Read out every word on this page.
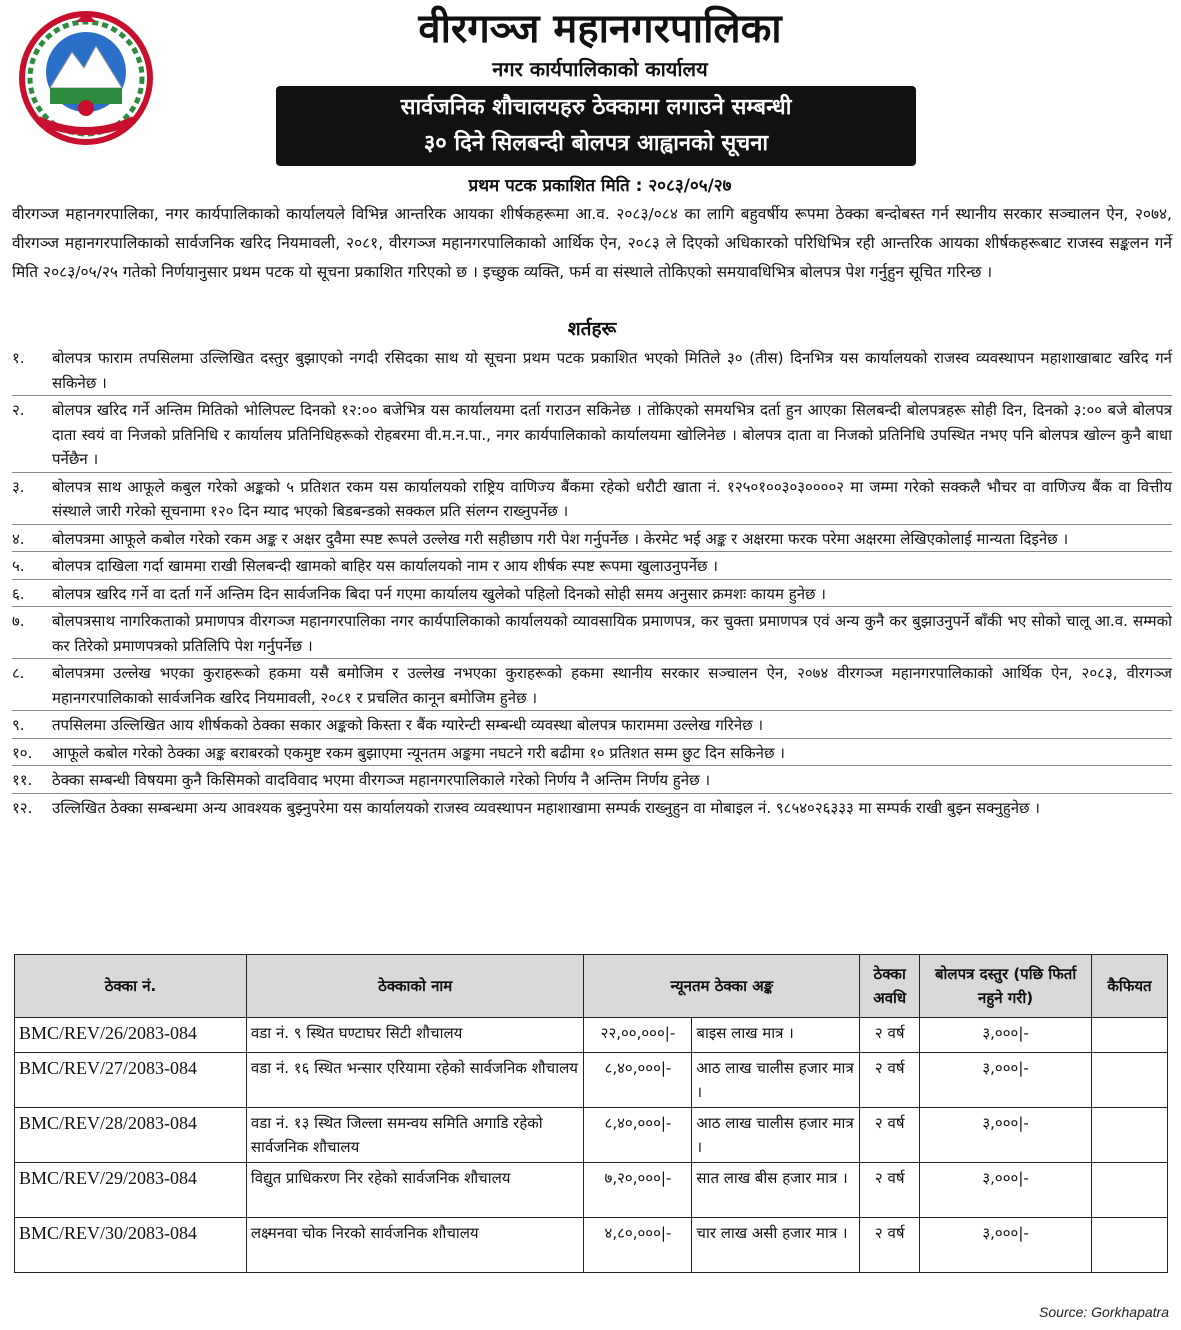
वीरगञ्ज महानगरपालिका
नगर कार्यपालिकाको कार्यालय
सार्वजनिक शौचालयहरु ठेक्कामा लगाउने सम्बन्धी
३० दिने सिलबन्दी बोलपत्र आह्वानको सूचना
प्रथम पटक प्रकाशित मिति : २०८३/०५/२७
वीरगञ्ज महानगरपालिका, नगर कार्यपालिकाको कार्यालयले विभिन्न आन्तरिक आयका शीर्षकहरूमा आ.व. २०८३/०८४ का लागि बहुवर्षीय रूपमा ठेक्का बन्दोबस्त गर्न स्थानीय सरकार सञ्चालन ऐन, २०७४, वीरगञ्ज महानगरपालिकाको सार्वजनिक खरिद नियमावली, २०८१, वीरगञ्ज महानगरपालिकाको आर्थिक ऐन, २०८३ ले दिएको अधिकारको परिधिभित्र रही आन्तरिक आयका शीर्षकहरूबाट राजस्व सङ्कलन गर्ने मिति २०८३/०५/२५ गतेको निर्णयानुसार प्रथम पटक यो सूचना प्रकाशित गरिएको छ । इच्छुक व्यक्ति, फर्म वा संस्थाले तोकिएको समयावधिभित्र बोलपत्र पेश गर्नुहुन सूचित गरिन्छ ।
शर्तहरू
१.	बोलपत्र फाराम तपसिलमा उल्लिखित दस्तुर बुझाएको नगदी रसिदका साथ यो सूचना प्रथम पटक प्रकाशित भएको मितिले ३० (तीस) दिनभित्र यस कार्यालयको राजस्व व्यवस्थापन महाशाखाबाट खरिद गर्न सकिनेछ ।
२.	बोलपत्र खरिद गर्ने अन्तिम मितिको भोलिपल्ट दिनको १२:०० बजेभित्र यस कार्यालयमा दर्ता गराउन सकिनेछ । तोकिएको समयभित्र दर्ता हुन आएका सिलबन्दी बोलपत्रहरू सोही दिन, दिनको ३:०० बजे बोलपत्र दाता स्वयं वा निजको प्रतिनिधि र कार्यालय प्रतिनिधिहरूको रोहबरमा वी.म.न.पा., नगर कार्यपालिकाको कार्यालयमा खोलिनेछ । बोलपत्र दाता वा निजको प्रतिनिधि उपस्थित नभए पनि बोलपत्र खोल्न कुनै बाधा पर्नेछैन ।
३.	बोलपत्र साथ आफूले कबुल गरेको अङ्कको ५ प्रतिशत रकम यस कार्यालयको राष्ट्रिय वाणिज्य बैंकमा रहेको धरौटी खाता नं. १२५०१००३०३००००२ मा जम्मा गरेको सक्कलै भौचर वा वाणिज्य बैंक वा वित्तीय संस्थाले जारी गरेको सूचनामा १२० दिन म्याद भएको बिडबन्डको सक्कल प्रति संलग्न राख्नुपर्नेछ ।
४.	बोलपत्रमा आफूले कबोल गरेको रकम अङ्क र अक्षर दुवैमा स्पष्ट रूपले उल्लेख गरी सहीछाप गरी पेश गर्नुपर्नेछ । केरमेट भई अङ्क र अक्षरमा फरक परेमा अक्षरमा लेखिएकोलाई मान्यता दिइनेछ ।
५.	बोलपत्र दाखिला गर्दा खाममा राखी सिलबन्दी खामको बाहिर यस कार्यालयको नाम र आय शीर्षक स्पष्ट रूपमा खुलाउनुपर्नेछ ।
६.	बोलपत्र खरिद गर्ने वा दर्ता गर्ने अन्तिम दिन सार्वजनिक बिदा पर्न गएमा कार्यालय खुलेको पहिलो दिनको सोही समय अनुसार क्रमशः कायम हुनेछ ।
७.	बोलपत्रसाथ नागरिकताको प्रमाणपत्र वीरगञ्ज महानगरपालिका नगर कार्यपालिकाको कार्यालयको व्यावसायिक प्रमाणपत्र, कर चुक्ता प्रमाणपत्र एवं अन्य कुनै कर बुझाउनुपर्ने बाँकी भए सोको चालू आ.व. सम्मको कर तिरेको प्रमाणपत्रको प्रतिलिपि पेश गर्नुपर्नेछ ।
८.	बोलपत्रमा उल्लेख भएका कुराहरूको हकमा यसै बमोजिम र उल्लेख नभएका कुराहरूको हकमा स्थानीय सरकार सञ्चालन ऐन, २०७४ वीरगञ्ज महानगरपालिकाको आर्थिक ऐन, २०८३, वीरगञ्ज महानगरपालिकाको सार्वजनिक खरिद नियमावली, २०८१ र प्रचलित कानून बमोजिम हुनेछ ।
९.	तपसिलमा उल्लिखित आय शीर्षकको ठेक्का सकार अङ्कको किस्ता र बैंक ग्यारेन्टी सम्बन्धी व्यवस्था बोलपत्र फाराममा उल्लेख गरिनेछ ।
१०.	आफूले कबोल गरेको ठेक्का अङ्क बराबरको एकमुष्ट रकम बुझाएमा न्यूनतम अङ्कमा नघटने गरी बढीमा १० प्रतिशत सम्म छुट दिन सकिनेछ ।
११.	ठेक्का सम्बन्धी विषयमा कुनै किसिमको वादविवाद भएमा वीरगञ्ज महानगरपालिकाले गरेको निर्णय नै अन्तिम निर्णय हुनेछ ।
१२.	उल्लिखित ठेक्का सम्बन्धमा अन्य आवश्यक बुझ्नुपरेमा यस कार्यालयको राजस्व व्यवस्थापन महाशाखामा सम्पर्क राख्नुहुन वा मोबाइल नं. ९८५४०२६३३३ मा सम्पर्क राखी बुझ्न सक्नुहुनेछ ।
ठेक्का नं.	ठेक्काको नाम	न्यूनतम ठेक्का अङ्क		ठेक्का अवधि	बोलपत्र दस्तुर (पछि फिर्ता नहुने गरी)	कैफियत
BMC/REV/26/2083-084	वडा नं. ९ स्थित घण्टाघर सिटी शौचालय	२२,००,०००|-	बाइस लाख मात्र ।	२ वर्ष	३,०००|-	
BMC/REV/27/2083-084	वडा नं. १६ स्थित भन्सार एरियामा रहेको सार्वजनिक शौचालय	८,४०,०००|-	आठ लाख चालीस हजार मात्र ।	२ वर्ष	३,०००|-	
BMC/REV/28/2083-084	वडा नं. १३ स्थित जिल्ला समन्वय समिति अगाडि रहेको सार्वजनिक शौचालय	८,४०,०००|-	आठ लाख चालीस हजार मात्र ।	२ वर्ष	३,०००|-	
BMC/REV/29/2083-084	विद्युत प्राधिकरण निर रहेको सार्वजनिक शौचालय	७,२०,०००|-	सात लाख बीस हजार मात्र ।	२ वर्ष	३,०००|-	
BMC/REV/30/2083-084	लक्ष्मनवा चोक निरको सार्वजनिक शौचालय	४,८०,०००|-	चार लाख असी हजार मात्र ।	२ वर्ष	३,०००|-	
Source: Gorkhapatra
